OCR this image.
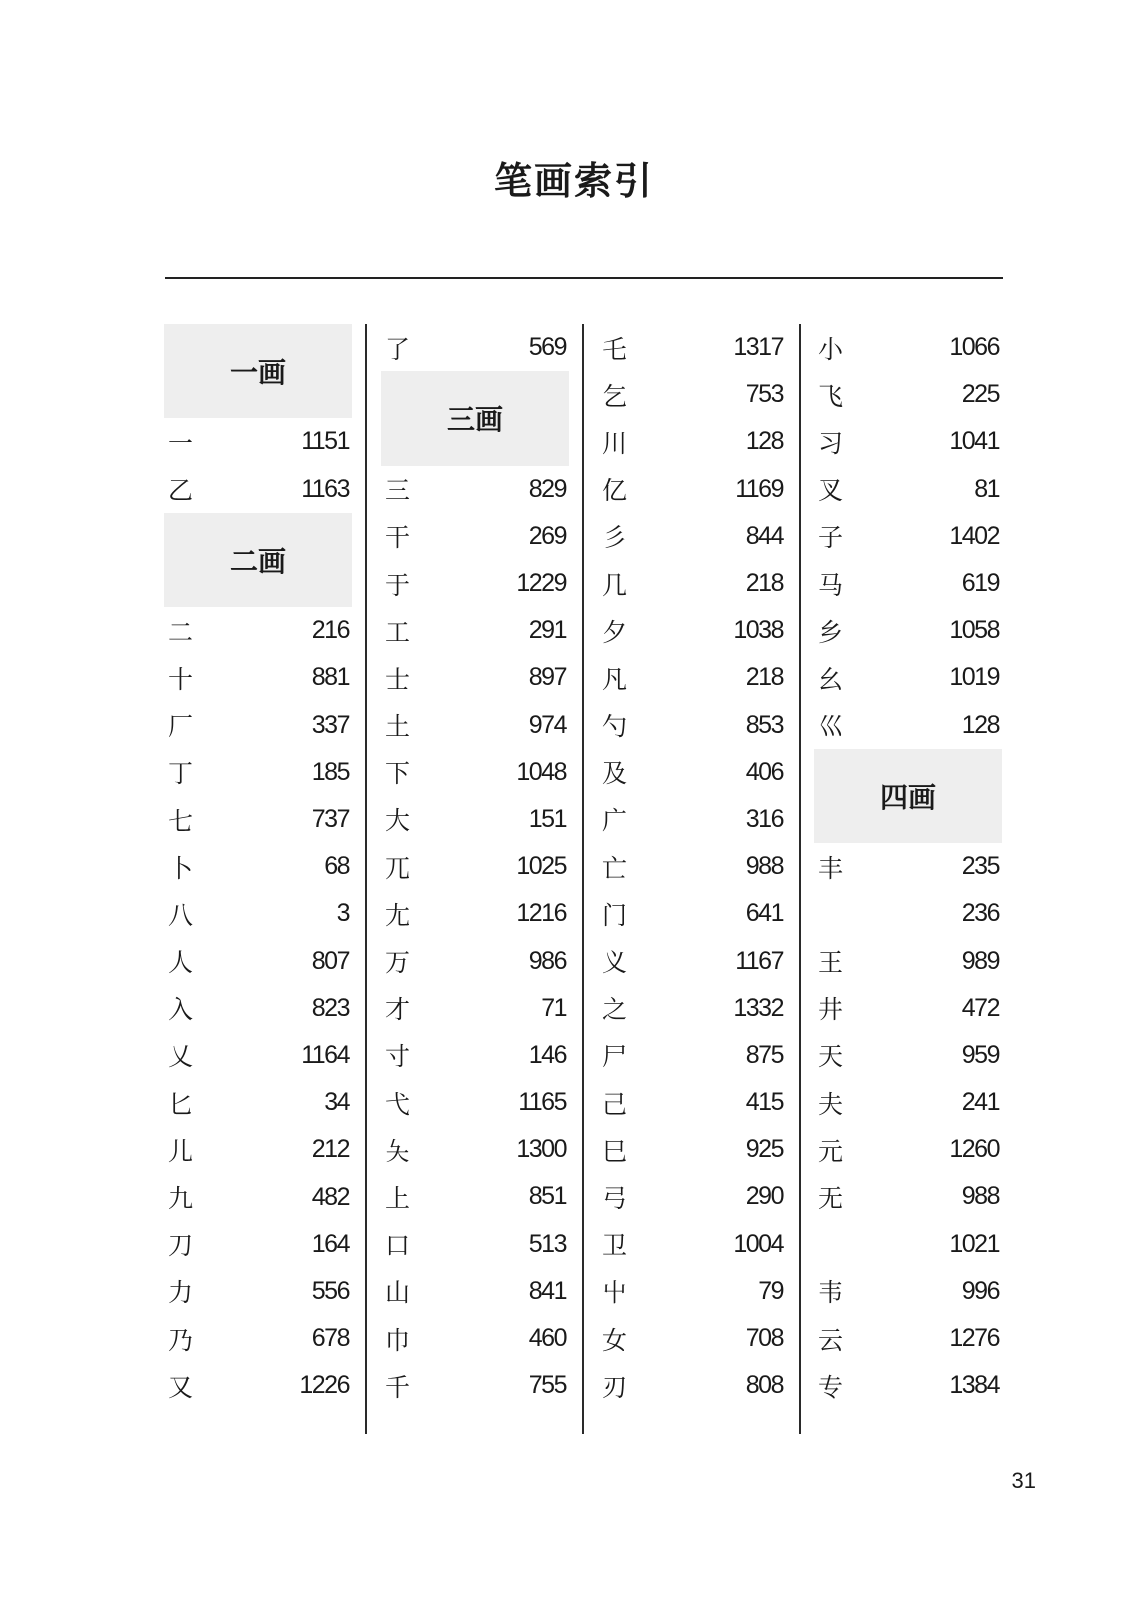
笔画索引
一画
一	1151
乙	1163
二画
二	216
十	881
厂	337
丁	185
七	737
卜	68
八	3
人	807
入	823
乂	1164
匕	34
儿	212
九	482
刀	164
力	556
乃	678
又	1226
了	569
三画
三	829
干	269
于	1229
工	291
士	897
土	974
下	1048
大	151
兀	1025
尢	1216
万	986
才	71
寸	146
弋	1165
夨	1300
上	851
口	513
山	841
巾	460
千	755
乇	1317
乞	753
川	128
亿	1169
彡	844
几	218
夕	1038
凡	218
勺	853
及	406
广	316
亡	988
门	641
义	1167
之	1332
尸	875
己	415
巳	925
弓	290
卫	1004
屮	79
女	708
刃	808
小	1066
飞	225
习	1041
叉	81
子	1402
马	619
乡	1058
幺	1019
巛	128
四画
丰	235
236
王	989
井	472
天	959
夫	241
元	1260
无	988
1021
韦	996
云	1276
专	1384
31
